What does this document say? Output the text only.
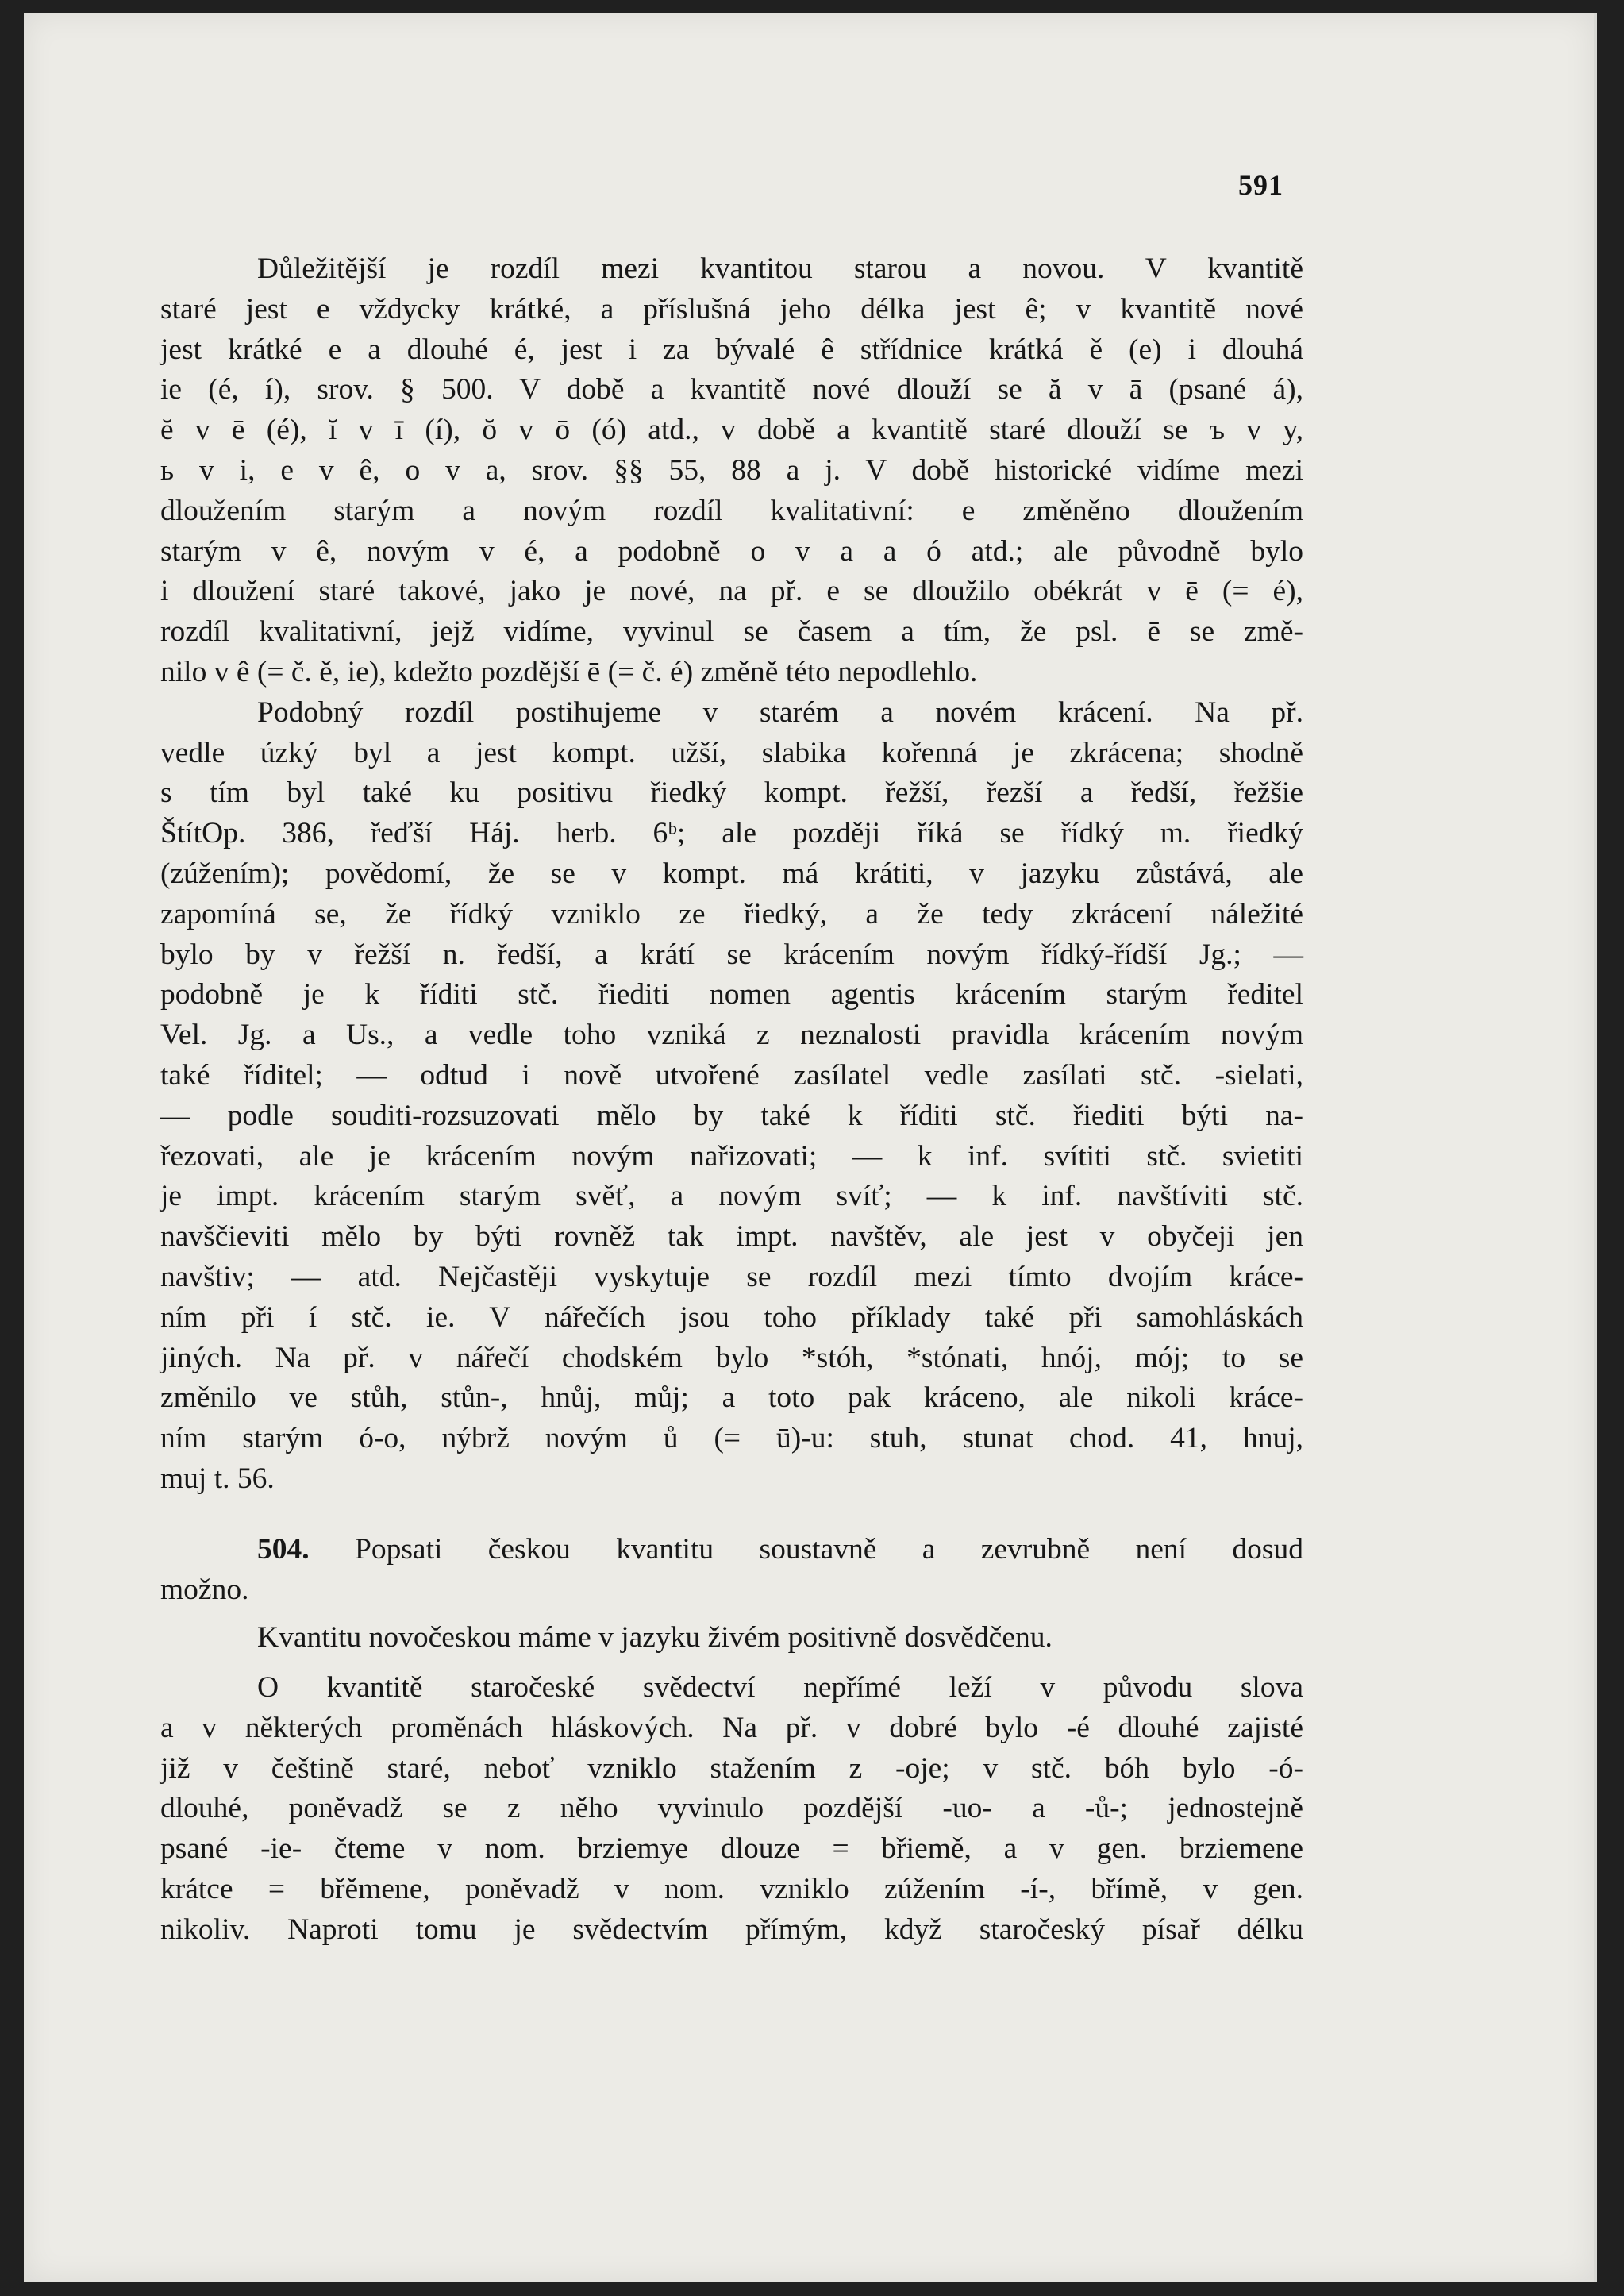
591

Důležitější je rozdíl mezi kvantitou starou a novou. V kvantitě

staré jest e vždycky krátké, a příslušná jeho délka jest ê; v kvantitě nové

jest krátké e a dlouhé é, jest i za bývalé ê střídnice krátká ě (e) i dlouhá

ie (é, í), srov. § 500. V době a kvantitě nové dlouží se ă v ā (psané á),

ĕ v ē (é), ĭ v ī (í), ŏ v ō (ó) atd., v době a kvantitě staré dlouží se ъ v y,

ь v i, e v ê, o v a, srov. §§ 55, 88 a j. V době historické vidíme mezi

dloužením starým a novým rozdíl kvalitativní: e změněno dloužením

starým v ê, novým v é, a podobně o v a a ó atd.; ale původně bylo

i dloužení staré takové, jako je nové, na př. e se dloužilo obékrát v ē (= é),

rozdíl kvalitativní, jejž vidíme, vyvinul se časem a tím, že psl. ē se změ-

nilo v ê (= č. ě, ie), kdežto pozdější ē (= č. é) změně této nepodlehlo.

Podobný rozdíl postihujeme v starém a novém krácení. Na př.

vedle úzký byl a jest kompt. užší, slabika kořenná je zkrácena; shodně

s tím byl také ku positivu řiedký kompt. řežší, řezší a ředší, řežšie

ŠtítOp. 386, řeďší Háj. herb. 6ᵇ; ale později říká se řídký m. řiedký

(zúžením); povědomí, že se v kompt. má krátiti, v jazyku zůstává, ale

zapomíná se, že řídký vzniklo ze řiedký, a že tedy zkrácení náležité

bylo by v řežší n. ředší, a krátí se krácením novým řídký-řídší Jg.; —

podobně je k říditi stč. řiediti nomen agentis krácením starým ředitel

Vel. Jg. a Us., a vedle toho vzniká z neznalosti pravidla krácením novým

také říditel; — odtud i nově utvořené zasílatel vedle zasílati stč. -sielati,

— podle souditi-rozsuzovati mělo by také k říditi stč. řiediti býti na-

řezovati, ale je krácením novým nařizovati; — k inf. svítiti stč. svietiti

je impt. krácením starým svěť, a novým svíť; — k inf. navštíviti stč.

navščieviti mělo by býti rovněž tak impt. navštěv, ale jest v obyčeji jen

navštiv; — atd. Nejčastěji vyskytuje se rozdíl mezi tímto dvojím kráce-

ním při í stč. ie. V nářečích jsou toho příklady také při samohláskách

jiných. Na př. v nářečí chodském bylo *stóh, *stónati, hnój, mój; to se

změnilo ve stůh, stůn-, hnůj, můj; a toto pak kráceno, ale nikoli kráce-

ním starým ó-o, nýbrž novým ů (= ū)-u: stuh, stunat chod. 41, hnuj,

muj t. 56.

504. Popsati českou kvantitu soustavně a zevrubně není dosud

možno.

Kvantitu novočeskou máme v jazyku živém positivně dosvědčenu.

O kvantitě staročeské svědectví nepřímé leží v původu slova

a v některých proměnách hláskových. Na př. v dobré bylo -é dlouhé zajisté

již v češtině staré, neboť vzniklo stažením z -oje; v stč. bóh bylo -ó-

dlouhé, poněvadž se z něho vyvinulo pozdější -uo- a -ů-; jednostejně

psané -ie- čteme v nom. brziemye dlouze = břiemě, a v gen. brziemene

krátce = břěmene, poněvadž v nom. vzniklo zúžením -í-, břímě, v gen.

nikoliv. Naproti tomu je svědectvím přímým, když staročeský písař délku
